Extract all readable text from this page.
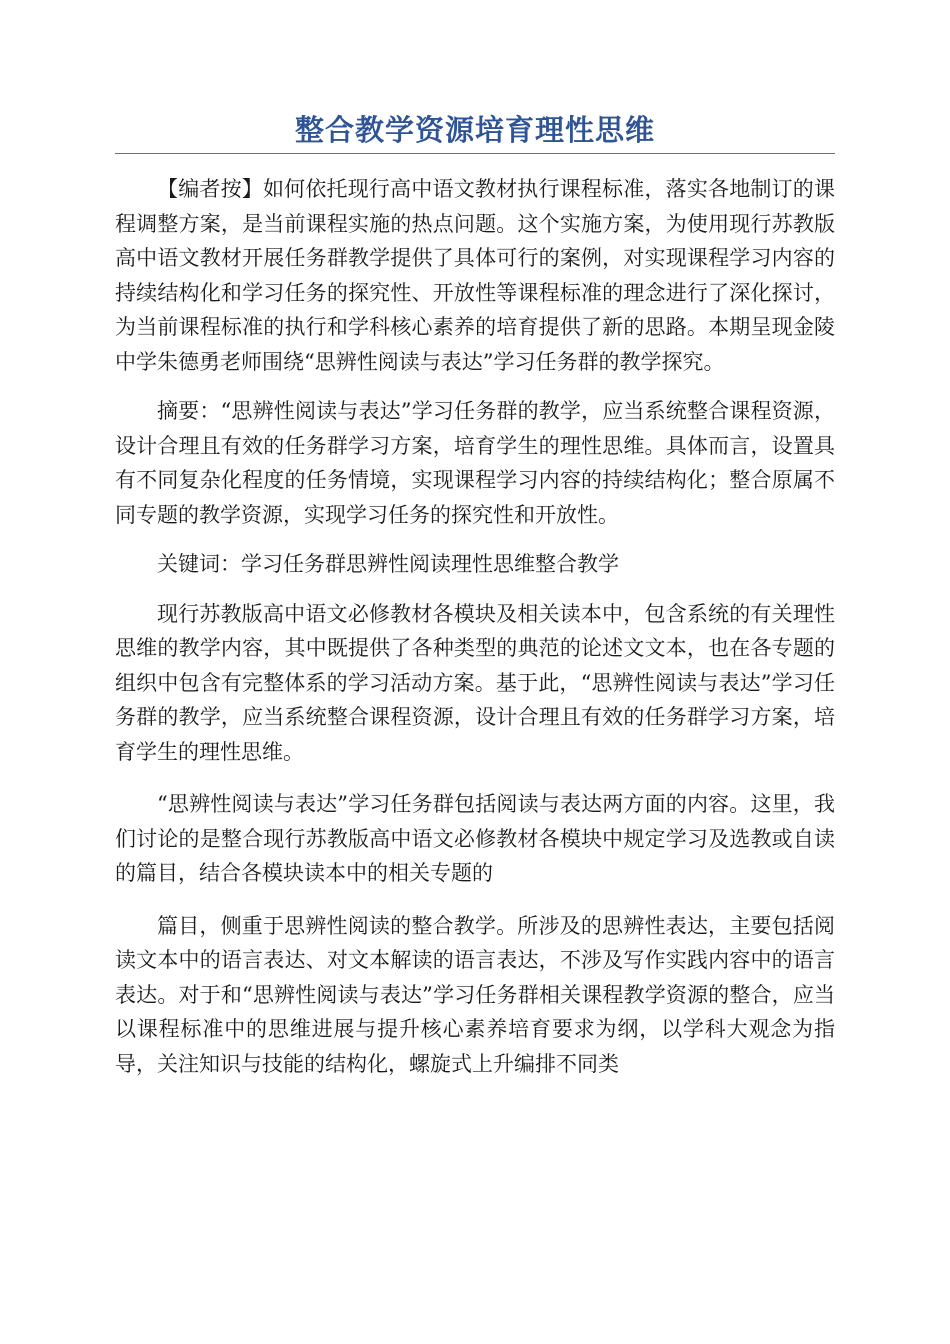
整合教学资源培育理性思维

【编者按】如何依托现行高中语文教材执行课程标准，落实各地制订的课程调整方案，是当前课程实施的热点问题。这个实施方案，为使用现行苏教版高中语文教材开展任务群教学提供了具体可行的案例，对实现课程学习内容的持续结构化和学习任务的探究性、开放性等课程标准的理念进行了深化探讨，为当前课程标准的执行和学科核心素养的培育提供了新的思路。本期呈现金陵中学朱德勇老师围绕“思辨性阅读与表达”学习任务群的教学探究。

摘要：“思辨性阅读与表达”学习任务群的教学，应当系统整合课程资源，设计合理且有效的任务群学习方案，培育学生的理性思维。具体而言，设置具有不同复杂化程度的任务情境，实现课程学习内容的持续结构化；整合原属不同专题的教学资源，实现学习任务的探究性和开放性。

关键词：学习任务群思辨性阅读理性思维整合教学

现行苏教版高中语文必修教材各模块及相关读本中，包含系统的有关理性思维的教学内容，其中既提供了各种类型的典范的论述文文本，也在各专题的组织中包含有完整体系的学习活动方案。基于此，“思辨性阅读与表达”学习任务群的教学，应当系统整合课程资源，设计合理且有效的任务群学习方案，培育学生的理性思维。

“思辨性阅读与表达”学习任务群包括阅读与表达两方面的内容。这里，我们讨论的是整合现行苏教版高中语文必修教材各模块中规定学习及选教或自读的篇目，结合各模块读本中的相关专题的

篇目，侧重于思辨性阅读的整合教学。所涉及的思辨性表达，主要包括阅读文本中的语言表达、对文本解读的语言表达，不涉及写作实践内容中的语言表达。对于和“思辨性阅读与表达”学习任务群相关课程教学资源的整合，应当以课程标准中的思维进展与提升核心素养培育要求为纲，以学科大观念为指导，关注知识与技能的结构化，螺旋式上升编排不同类
